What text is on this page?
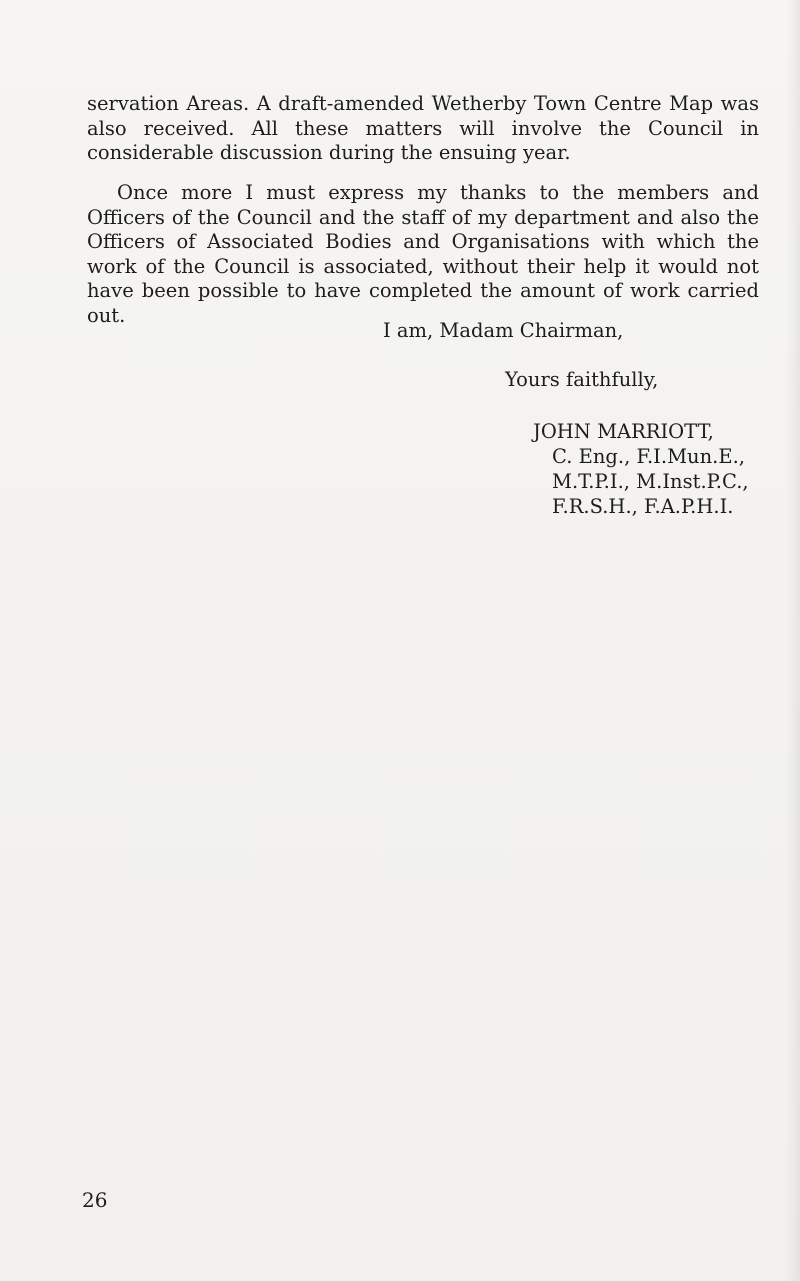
servation Areas. A draft-amended Wetherby Town Centre Map was also received. All these matters will involve the Council in considerable discussion during the ensuing year.

Once more I must express my thanks to the members and Officers of the Council and the staff of my department and also the Officers of Associated Bodies and Organisations with which the work of the Council is associated, without their help it would not have been possible to have completed the amount of work carried out.

I am, Madam Chairman,

Yours faithfully,

JOHN MARRIOTT,

C. Eng., F.I.Mun.E.,

M.T.P.I., M.Inst.P.C.,

F.R.S.H., F.A.P.H.I.

26
